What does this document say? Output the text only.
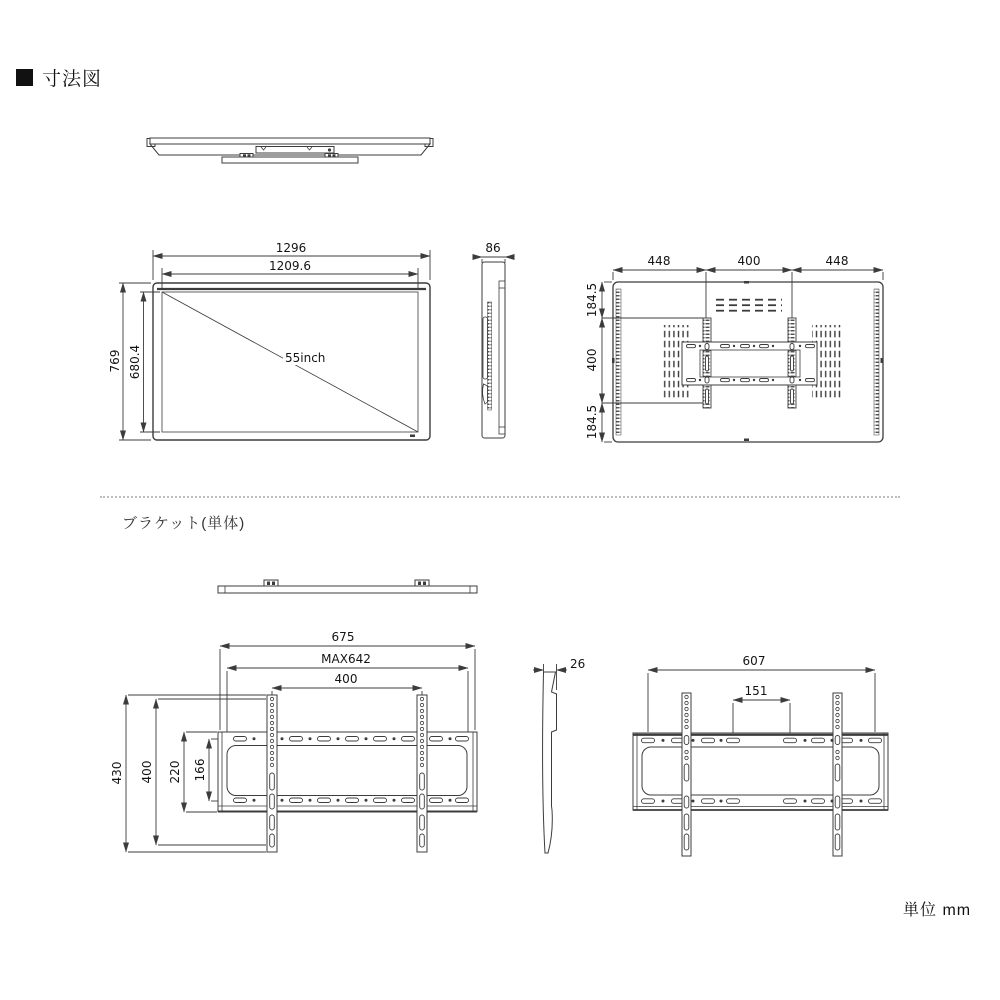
寸法図
ブラケット(単体)
単位 mm
55inch
1296
1209.6
769 680.4
86
448	400	448
184.5
400
184.5
675
MAX642
400
430 400 220 166
26	607
151
